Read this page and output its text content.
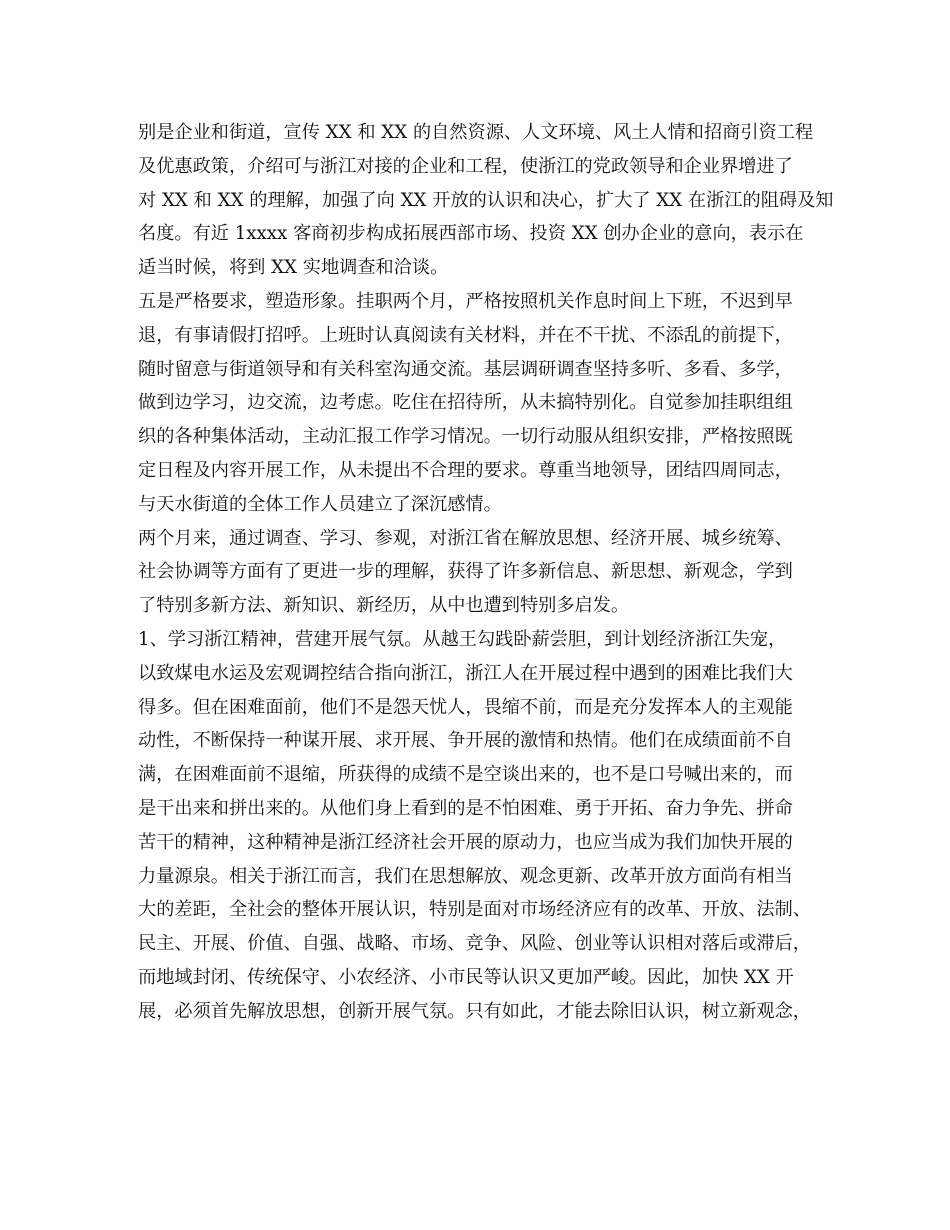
别是企业和街道，宣传 XX 和 XX 的自然资源、人文环境、风土人情和招商引资工程
及优惠政策，介绍可与浙江对接的企业和工程，使浙江的党政领导和企业界增进了
对 XX 和 XX 的理解，加强了向 XX 开放的认识和决心，扩大了 XX 在浙江的阻碍及知
名度。有近 1xxxx 客商初步构成拓展西部市场、投资 XX 创办企业的意向，表示在
适当时候，将到 XX 实地调查和洽谈。
五是严格要求，塑造形象。挂职两个月，严格按照机关作息时间上下班，不迟到早
退，有事请假打招呼。上班时认真阅读有关材料，并在不干扰、不添乱的前提下，
随时留意与街道领导和有关科室沟通交流。基层调研调查坚持多听、多看、多学，
做到边学习，边交流，边考虑。吃住在招待所，从未搞特别化。自觉参加挂职组组
织的各种集体活动，主动汇报工作学习情况。一切行动服从组织安排，严格按照既
定日程及内容开展工作，从未提出不合理的要求。尊重当地领导，团结四周同志，
与天水街道的全体工作人员建立了深沉感情。
两个月来，通过调查、学习、参观，对浙江省在解放思想、经济开展、城乡统筹、
社会协调等方面有了更进一步的理解，获得了许多新信息、新思想、新观念，学到
了特别多新方法、新知识、新经历，从中也遭到特别多启发。
1、学习浙江精神，营建开展气氛。从越王勾践卧薪尝胆，到计划经济浙江失宠，
以致煤电水运及宏观调控结合指向浙江，浙江人在开展过程中遇到的困难比我们大
得多。但在困难面前，他们不是怨天忧人，畏缩不前，而是充分发挥本人的主观能
动性，不断保持一种谋开展、求开展、争开展的激情和热情。他们在成绩面前不自
满，在困难面前不退缩，所获得的成绩不是空谈出来的，也不是口号喊出来的，而
是干出来和拼出来的。从他们身上看到的是不怕困难、勇于开拓、奋力争先、拼命
苦干的精神，这种精神是浙江经济社会开展的原动力，也应当成为我们加快开展的
力量源泉。相关于浙江而言，我们在思想解放、观念更新、改革开放方面尚有相当
大的差距，全社会的整体开展认识，特别是面对市场经济应有的改革、开放、法制、
民主、开展、价值、自强、战略、市场、竞争、风险、创业等认识相对落后或滞后，
而地域封闭、传统保守、小农经济、小市民等认识又更加严峻。因此，加快 XX 开
展，必须首先解放思想，创新开展气氛。只有如此，才能去除旧认识，树立新观念，
